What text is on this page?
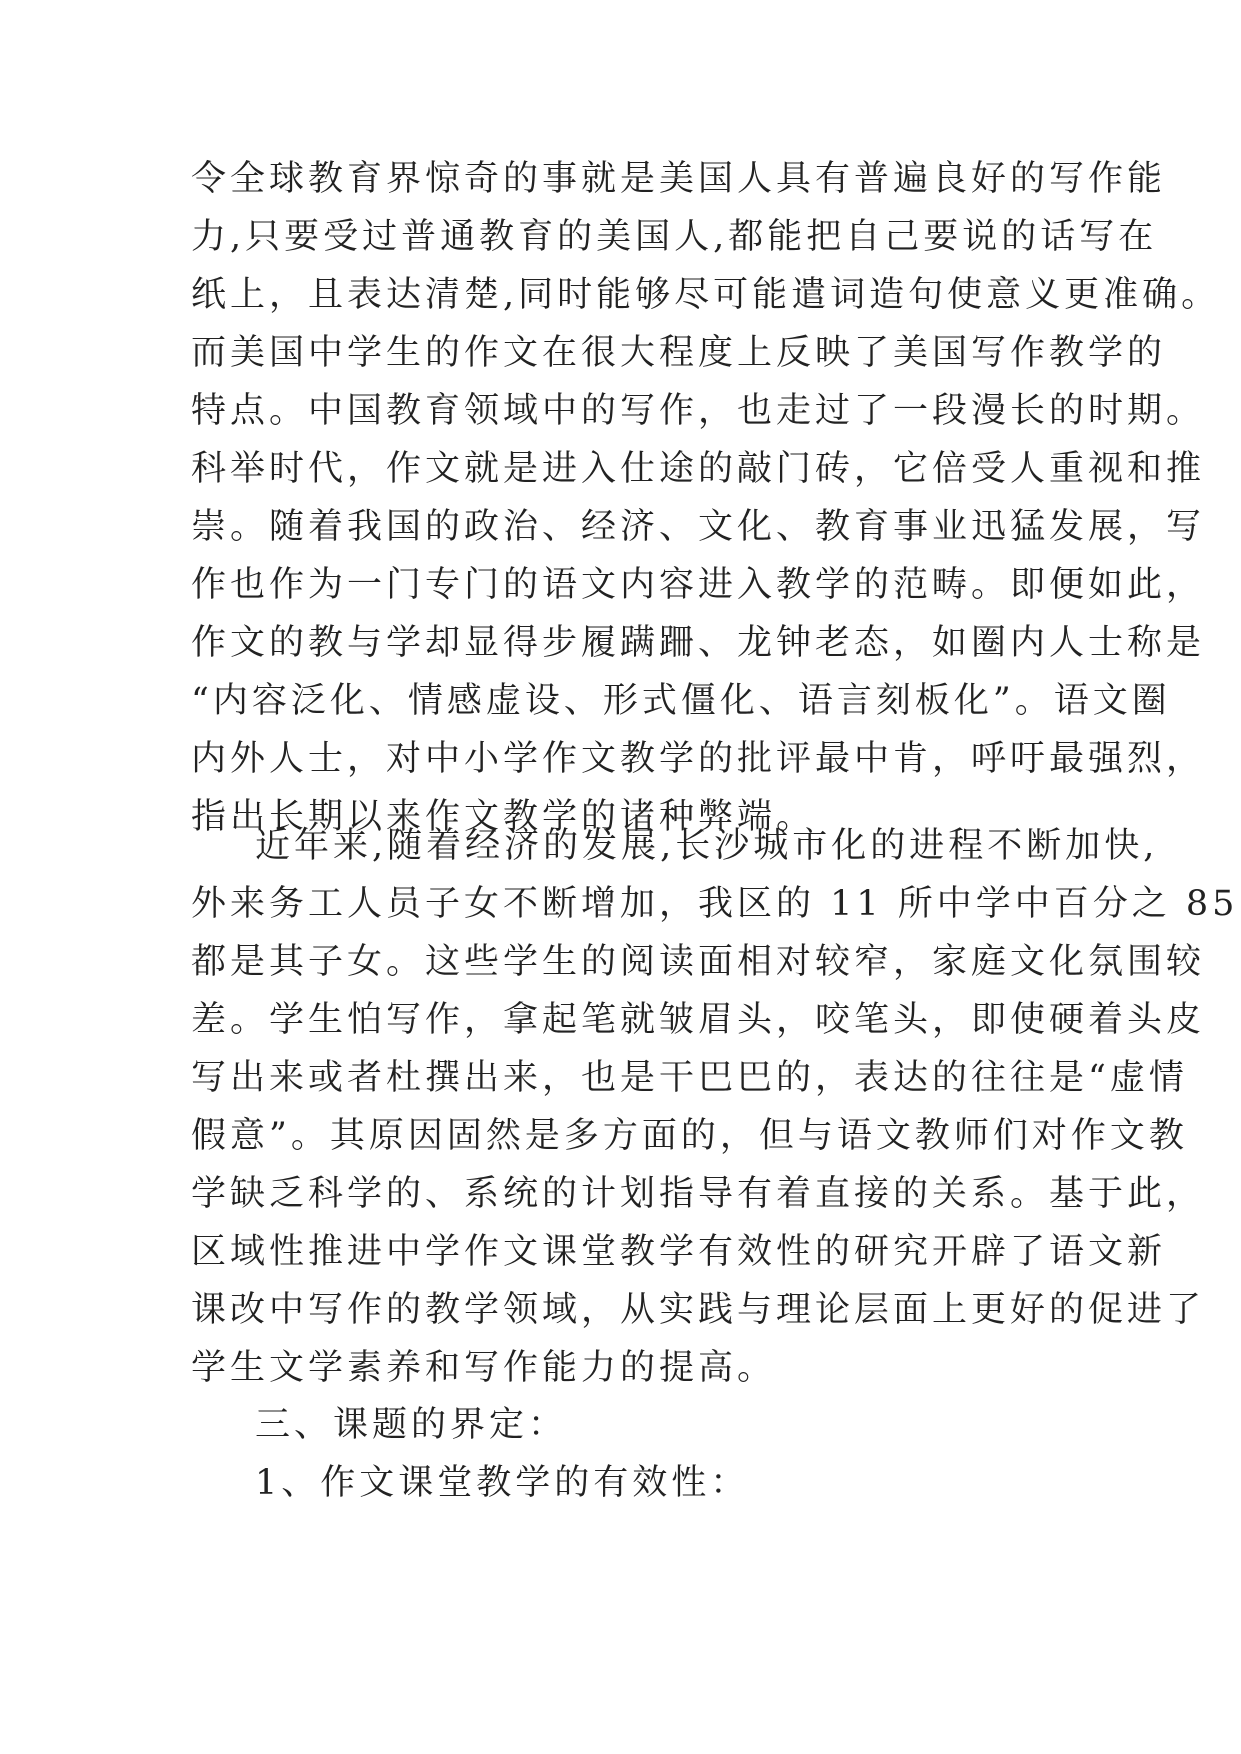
令全球教育界惊奇的事就是美国人具有普遍良好的写作能
力,只要受过普通教育的美国人,都能把自己要说的话写在
纸上，且表达清楚,同时能够尽可能遣词造句使意义更准确。
而美国中学生的作文在很大程度上反映了美国写作教学的
特点。中国教育领域中的写作，也走过了一段漫长的时期。
科举时代，作文就是进入仕途的敲门砖，它倍受人重视和推
崇。随着我国的政治、经济、文化、教育事业迅猛发展，写
作也作为一门专门的语文内容进入教学的范畴。即便如此，
作文的教与学却显得步履蹒跚、龙钟老态，如圈内人士称是
“内容泛化、情感虚设、形式僵化、语言刻板化”。语文圈
内外人士，对中小学作文教学的批评最中肯，呼吁最强烈，
指出长期以来作文教学的诸种弊端。
近年来,随着经济的发展,长沙城市化的进程不断加快,
外来务工人员子女不断增加，我区的 11 所中学中百分之 85
都是其子女。这些学生的阅读面相对较窄，家庭文化氛围较
差。学生怕写作，拿起笔就皱眉头，咬笔头，即使硬着头皮
写出来或者杜撰出来，也是干巴巴的，表达的往往是“虚情
假意”。其原因固然是多方面的，但与语文教师们对作文教
学缺乏科学的、系统的计划指导有着直接的关系。基于此，
区域性推进中学作文课堂教学有效性的研究开辟了语文新
课改中写作的教学领域，从实践与理论层面上更好的促进了
学生文学素养和写作能力的提高。
三、课题的界定：
1、作文课堂教学的有效性：
